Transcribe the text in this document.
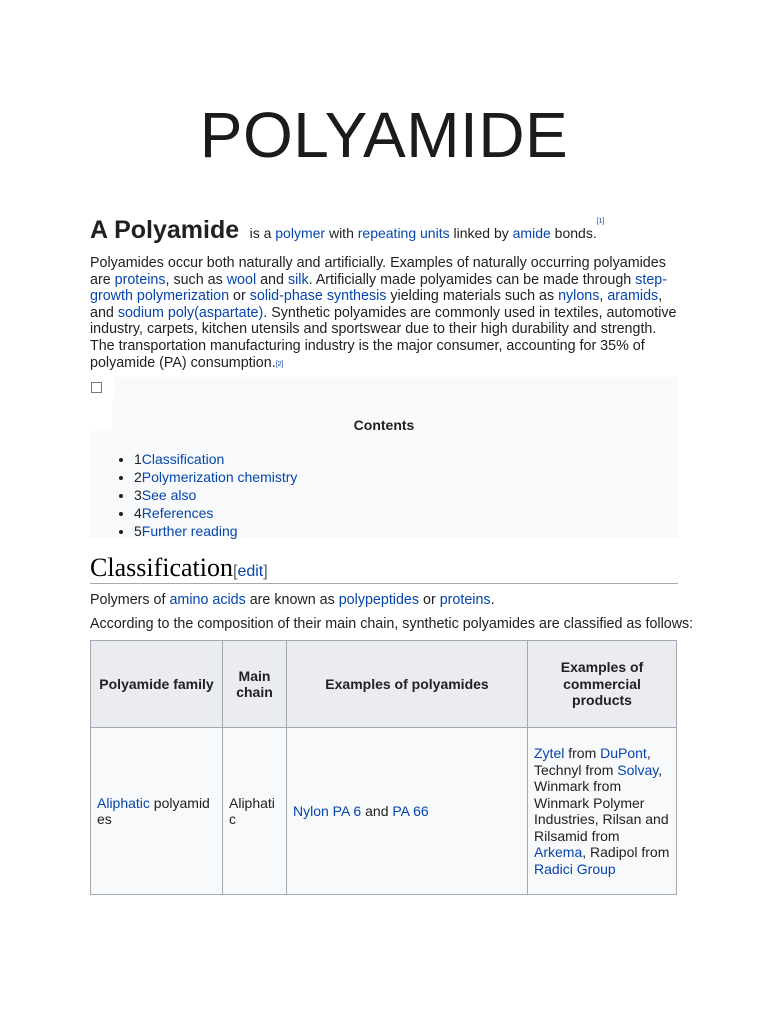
POLYAMIDE
A Polyamide is a polymer with repeating units linked by amide bonds.[1]

Polyamides occur both naturally and artificially. Examples of naturally occurring polyamides are proteins, such as wool and silk. Artificially made polyamides can be made through step-growth polymerization or solid-phase synthesis yielding materials such as nylons, aramids, and sodium poly(aspartate). Synthetic polyamides are commonly used in textiles, automotive industry, carpets, kitchen utensils and sportswear due to their high durability and strength. The transportation manufacturing industry is the major consumer, accounting for 35% of polyamide (PA) consumption.[2]

Contents
• 1Classification
• 2Polymerization chemistry
• 3See also
• 4References
• 5Further reading
Classification[edit]

Polymers of amino acids are known as polypeptides or proteins.

According to the composition of their main chain, synthetic polyamides are classified as follows:

Polyamide family	Main chain	Examples of polyamides	Examples of commercial products
Aliphatic polyamides	Aliphatic	Nylon PA 6 and PA 66	Zytel from DuPont, Technyl from Solvay, Winmark from Winmark Polymer Industries, Rilsan and Rilsamid from Arkema, Radipol from Radici Group
